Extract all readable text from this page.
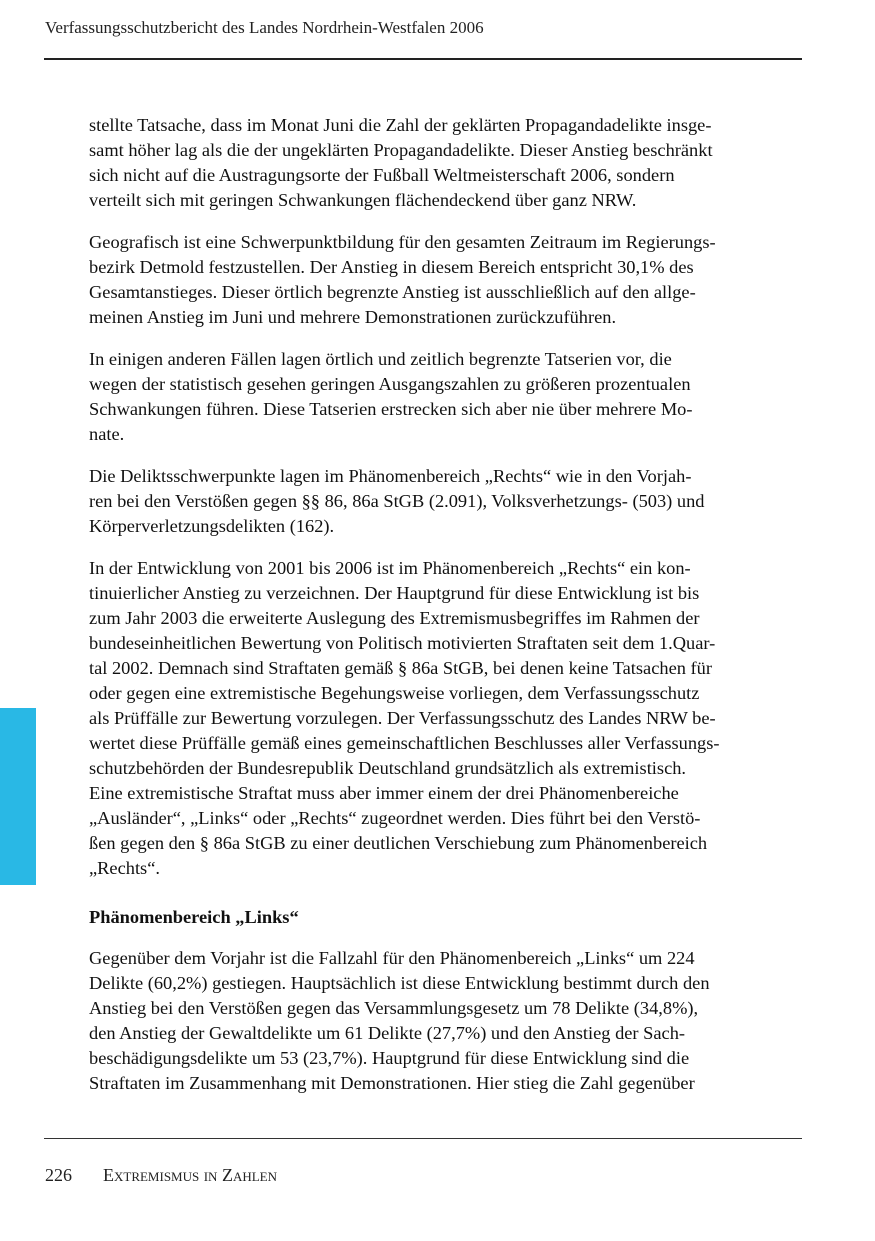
Verfassungsschutzbericht des Landes Nordrhein-Westfalen 2006

stellte Tatsache, dass im Monat Juni die Zahl der geklärten Propagandadelikte insge-
samt höher lag als die der ungeklärten Propagandadelikte. Dieser Anstieg beschränkt
sich nicht auf die Austragungsorte der Fußball Weltmeisterschaft 2006, sondern
verteilt sich mit geringen Schwankungen flächendeckend über ganz NRW.

Geografisch ist eine Schwerpunktbildung für den gesamten Zeitraum im Regierungs-
bezirk Detmold festzustellen. Der Anstieg in diesem Bereich entspricht 30,1% des
Gesamtanstieges. Dieser örtlich begrenzte Anstieg ist ausschließlich auf den allge-
meinen Anstieg im Juni und mehrere Demonstrationen zurückzuführen.

In einigen anderen Fällen lagen örtlich und zeitlich begrenzte Tatserien vor, die
wegen der statistisch gesehen geringen Ausgangszahlen zu größeren prozentualen
Schwankungen führen. Diese Tatserien erstrecken sich aber nie über mehrere Mo-
nate.

Die Deliktsschwerpunkte lagen im Phänomenbereich „Rechts“ wie in den Vorjah-
ren bei den Verstößen gegen §§ 86, 86a StGB (2.091), Volksverhetzungs- (503) und
Körperverletzungsdelikten (162).

In der Entwicklung von 2001 bis 2006 ist im Phänomenbereich „Rechts“ ein kon-
tinuierlicher Anstieg zu verzeichnen. Der Hauptgrund für diese Entwicklung ist bis
zum Jahr 2003 die erweiterte Auslegung des Extremismusbegriffes im Rahmen der
bundeseinheitlichen Bewertung von Politisch motivierten Straftaten seit dem 1.Quar-
tal 2002. Demnach sind Straftaten gemäß § 86a StGB, bei denen keine Tatsachen für
oder gegen eine extremistische Begehungsweise vorliegen, dem Verfassungsschutz
als Prüffälle zur Bewertung vorzulegen. Der Verfassungsschutz des Landes NRW be-
wertet diese Prüffälle gemäß eines gemeinschaftlichen Beschlusses aller Verfassungs-
schutzbehörden der Bundesrepublik Deutschland grundsätzlich als extremistisch.
Eine extremistische Straftat muss aber immer einem der drei Phänomenbereiche
„Ausländer“, „Links“ oder „Rechts“ zugeordnet werden. Dies führt bei den Verstö-
ßen gegen den § 86a StGB zu einer deutlichen Verschiebung zum Phänomenbereich
„Rechts“.

Phänomenbereich „Links“

Gegenüber dem Vorjahr ist die Fallzahl für den Phänomenbereich „Links“ um 224
Delikte (60,2%) gestiegen. Hauptsächlich ist diese Entwicklung bestimmt durch den
Anstieg bei den Verstößen gegen das Versammlungsgesetz um 78 Delikte (34,8%),
den Anstieg der Gewaltdelikte um 61 Delikte (27,7%) und den Anstieg der Sach-
beschädigungsdelikte um 53 (23,7%). Hauptgrund für diese Entwicklung sind die
Straftaten im Zusammenhang mit Demonstrationen. Hier stieg die Zahl gegenüber

226 Extremismus in Zahlen
